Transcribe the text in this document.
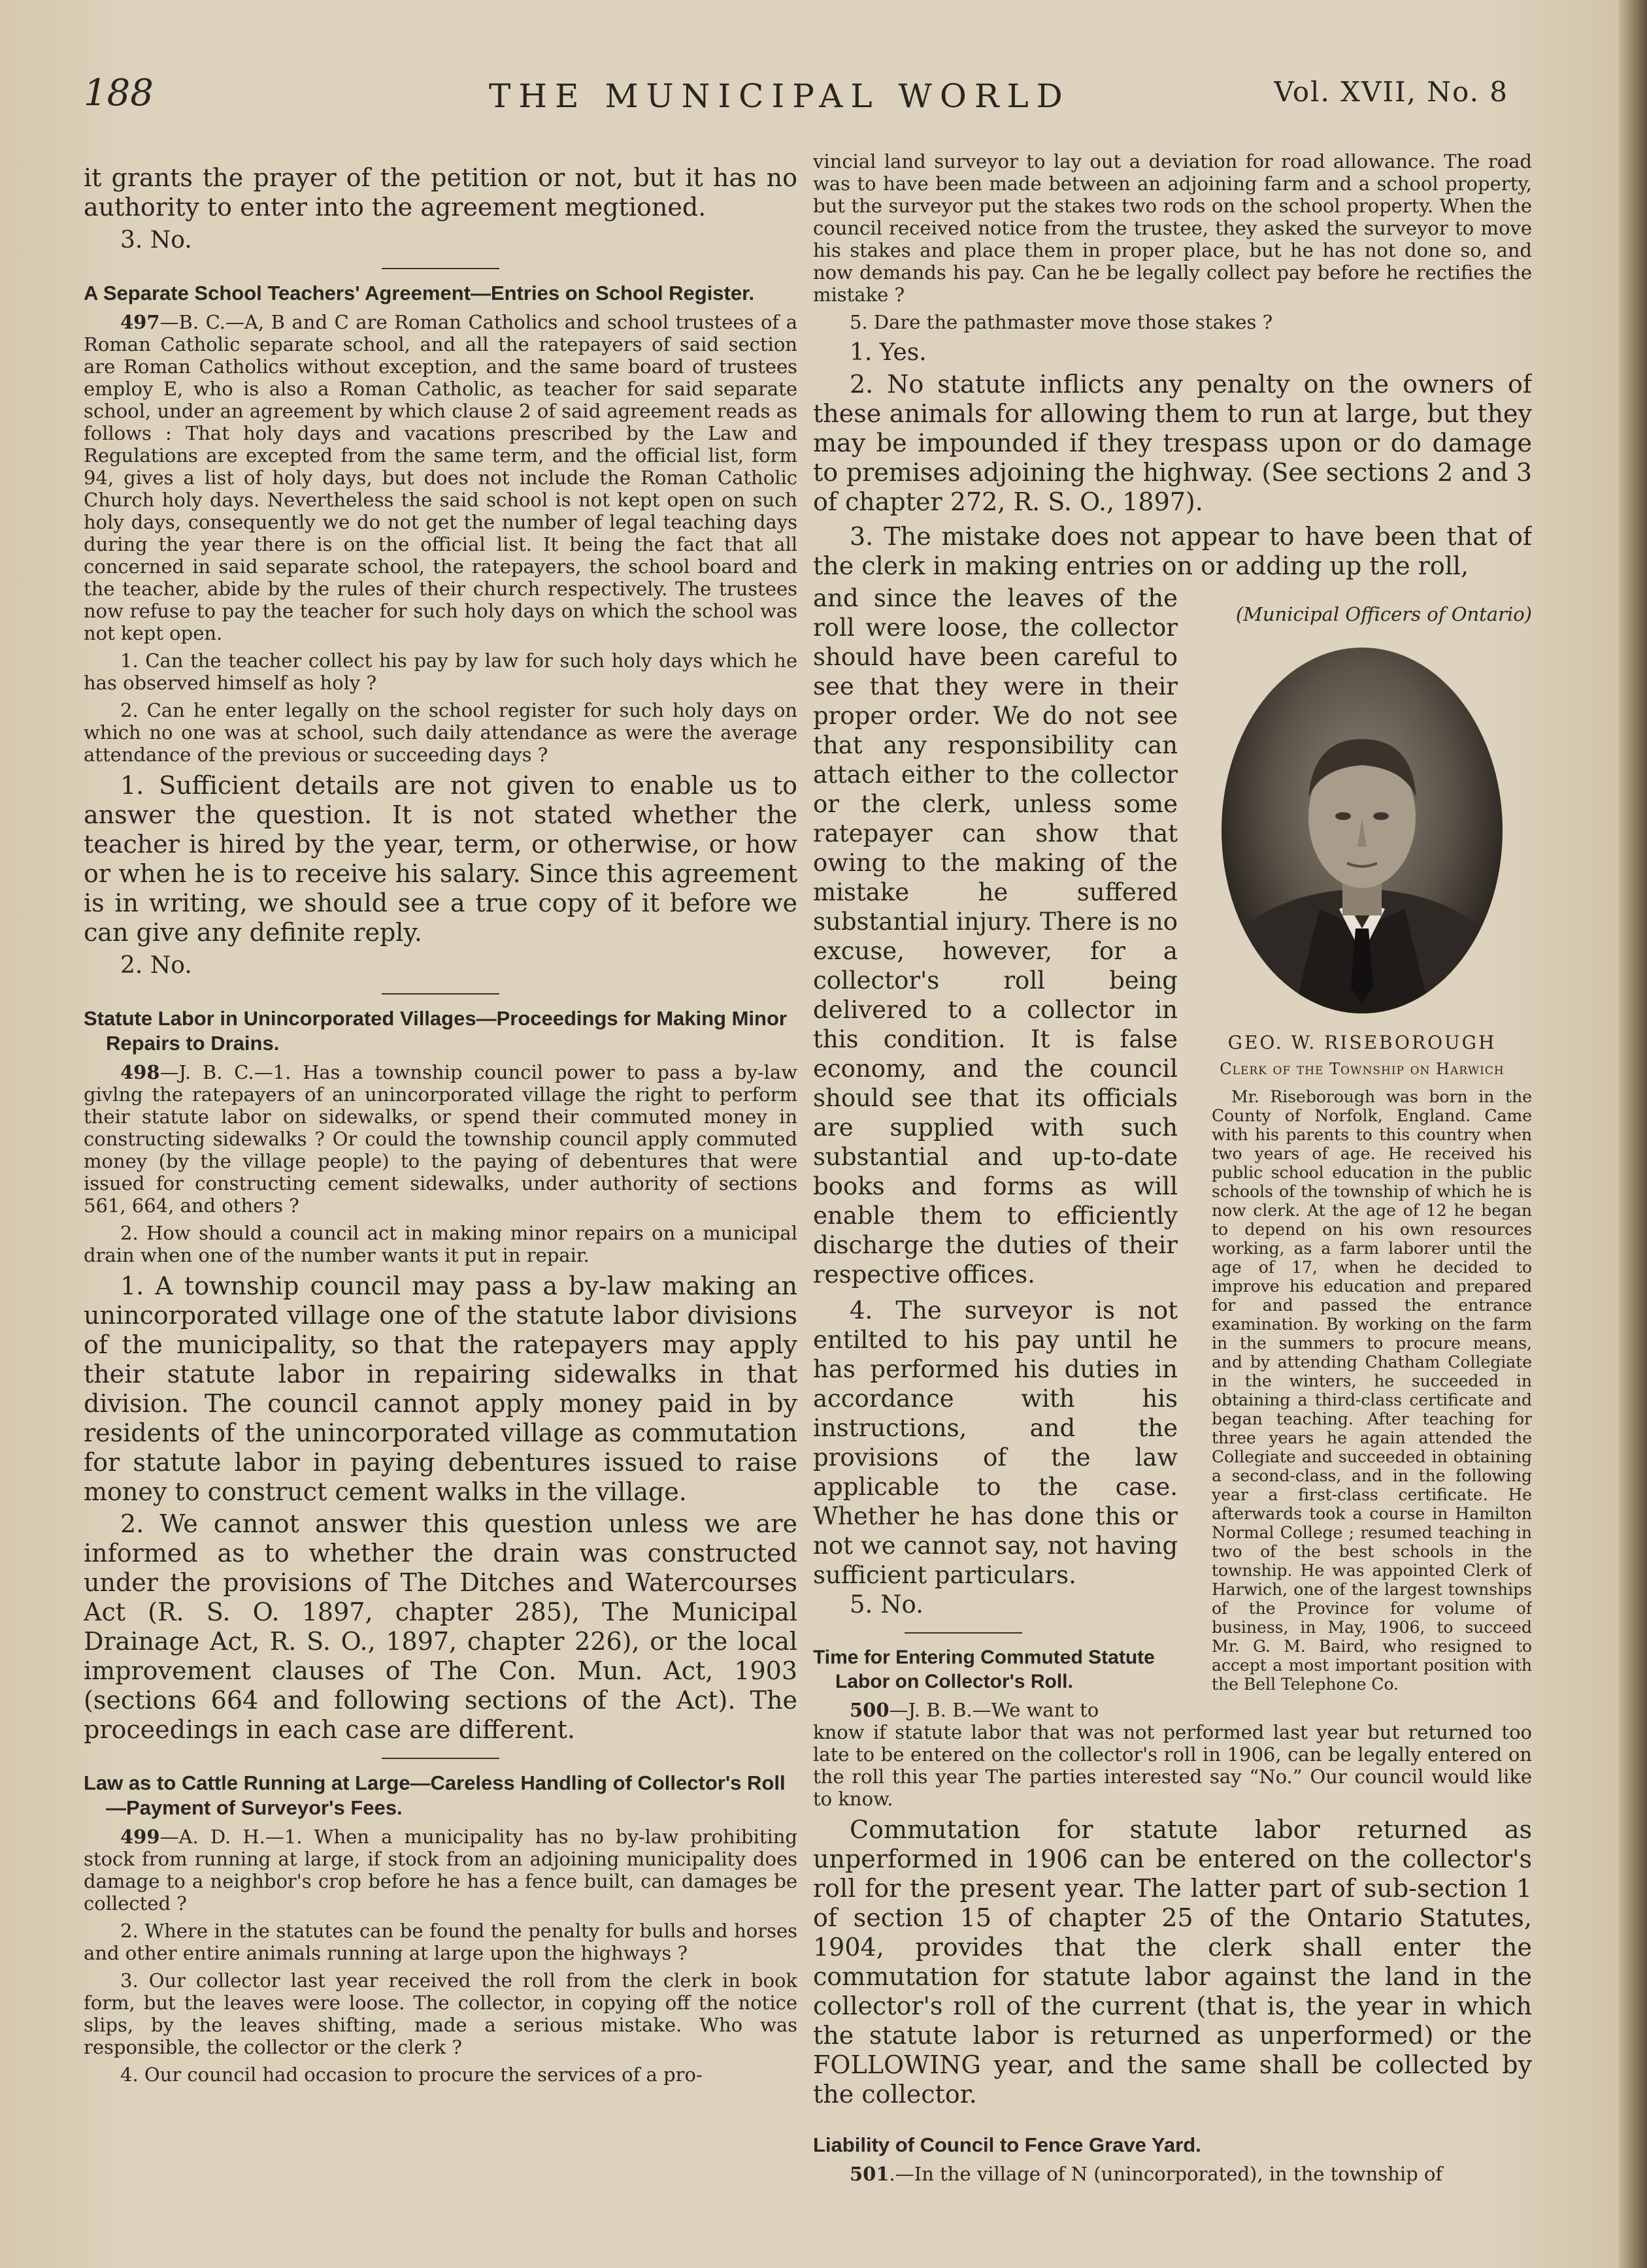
188	THE MUNICIPAL WORLD	Vol. XVII, No. 8

it grants the prayer of the petition or not, but it has no authority to enter into the agreement megtioned.

3. No.

A Separate School Teachers' Agreement—Entries on School Register.

497—B. C.—A, B and C are Roman Catholics and school trustees of a Roman Catholic separate school, and all the ratepayers of said section are Roman Catholics without exception, and the same board of trustees employ E, who is also a Roman Catholic, as teacher for said separate school, under an agreement by which clause 2 of said agreement reads as follows : That holy days and vacations prescribed by the Law and Regulations are excepted from the same term, and the official list, form 94, gives a list of holy days, but does not include the Roman Catholic Church holy days. Nevertheless the said school is not kept open on such holy days, consequently we do not get the number of legal teaching days during the year there is on the official list. It being the fact that all concerned in said separate school, the ratepayers, the school board and the teacher, abide by the rules of their church respectively. The trustees now refuse to pay the teacher for such holy days on which the school was not kept open.

1. Can the teacher collect his pay by law for such holy days which he has observed himself as holy ?

2. Can he enter legally on the school register for such holy days on which no one was at school, such daily attendance as were the average attendance of the previous or succeeding days ?

1. Sufficient details are not given to enable us to answer the question. It is not stated whether the teacher is hired by the year, term, or otherwise, or how or when he is to receive his salary. Since this agreement is in writing, we should see a true copy of it before we can give any definite reply.

2. No.

Statute Labor in Unincorporated Villages—Proceedings for Making Minor Repairs to Drains.

498—J. B. C.—1. Has a township council power to pass a by-law givlng the ratepayers of an unincorporated village the right to perform their statute labor on sidewalks, or spend their commuted money in constructing sidewalks ? Or could the township council apply commuted money (by the village people) to the paying of debentures that were issued for constructing cement sidewalks, under authority of sections 561, 664, and others ?

2. How should a council act in making minor repairs on a municipal drain when one of the number wants it put in repair.

1. A township council may pass a by-law making an unincorporated village one of the statute labor divisions of the municipality, so that the ratepayers may apply their statute labor in repairing sidewalks in that division. The council cannot apply money paid in by residents of the unincorporated village as commutation for statute labor in paying debentures issued to raise money to construct cement walks in the village.

2. We cannot answer this question unless we are informed as to whether the drain was constructed under the provisions of The Ditches and Watercourses Act (R. S. O. 1897, chapter 285), The Municipal Drainage Act, R. S. O., 1897, chapter 226), or the local improvement clauses of The Con. Mun. Act, 1903 (sections 664 and following sections of the Act). The proceedings in each case are different.

Law as to Cattle Running at Large—Careless Handling of Collector's Roll—Payment of Surveyor's Fees.

499—A. D. H.—1. When a municipality has no by-law prohibiting stock from running at large, if stock from an adjoining municipality does damage to a neighbor's crop before he has a fence built, can damages be collected ?

2. Where in the statutes can be found the penalty for bulls and horses and other entire animals running at large upon the highways ?

3. Our collector last year received the roll from the clerk in book form, but the leaves were loose. The collector, in copying off the notice slips, by the leaves shifting, made a serious mistake. Who was responsible, the collector or the clerk ?

4. Our council had occasion to procure the services of a pro-

vincial land surveyor to lay out a deviation for road allowance. The road was to have been made between an adjoining farm and a school property, but the surveyor put the stakes two rods on the school property. When the council received notice from the trustee, they asked the surveyor to move his stakes and place them in proper place, but he has not done so, and now demands his pay. Can he be legally collect pay before he rectifies the mistake ?

5. Dare the pathmaster move those stakes ?

1. Yes.

2. No statute inflicts any penalty on the owners of these animals for allowing them to run at large, but they may be impounded if they trespass upon or do damage to premises adjoining the highway. (See sections 2 and 3 of chapter 272, R. S. O., 1897).

3. The mistake does not appear to have been that of the clerk in making entries on or adding up the roll,

(Municipal Officers of Ontario)
GEO. W. RISEBOROUGH
Clerk of the Township on Harwich

Mr. Riseborough was born in the County of Norfolk, England. Came with his parents to this country when two years of age. He received his public school education in the public schools of the township of which he is now clerk. At the age of 12 he began to depend on his own resources working, as a farm laborer until the age of 17, when he decided to improve his education and prepared for and passed the entrance examination. By working on the farm in the summers to procure means, and by attending Chatham Collegiate in the winters, he succeeded in obtaining a third-class certificate and began teaching. After teaching for three years he again attended the Collegiate and succeeded in obtaining a second-class, and in the following year a first-class certificate. He afterwards took a course in Hamilton Normal College ; resumed teaching in two of the best schools in the township. He was appointed Clerk of Harwich, one of the largest townships of the Province for volume of business, in May, 1906, to succeed Mr. G. M. Baird, who resigned to accept a most important position with the Bell Telephone Co.

and since the leaves of the roll were loose, the collector should have been careful to see that they were in their proper order. We do not see that any responsibility can attach either to the collector or the clerk, unless some ratepayer can show that owing to the making of the mistake he suffered substantial injury. There is no excuse, however, for a collector's roll being delivered to a collector in this condition. It is false economy, and the council should see that its officials are supplied with such substantial and up-to-date books and forms as will enable them to efficiently discharge the duties of their respective offices.

4. The surveyor is not entilted to his pay until he has performed his duties in accordance with his instructions, and the provisions of the law applicable to the case. Whether he has done this or not we cannot say, not having sufficient particulars.

5. No.

Time for Entering Commuted Statute Labor on Collector's Roll.

500—J. B. B.—We want to

know if statute labor that was not performed last year but returned too late to be entered on the collector's roll in 1906, can be legally entered on the roll this year The parties interested say “No.” Our council would like to know.

Commutation for statute labor returned as unperformed in 1906 can be entered on the collector's roll for the present year. The latter part of sub-section 1 of section 15 of chapter 25 of the Ontario Statutes, 1904, provides that the clerk shall enter the commutation for statute labor against the land in the collector's roll of the current (that is, the year in which the statute labor is returned as unperformed) or the FOLLOWING year, and the same shall be collected by the collector.

Liability of Council to Fence Grave Yard.

501.—In the village of N (unincorporated), in the township of
